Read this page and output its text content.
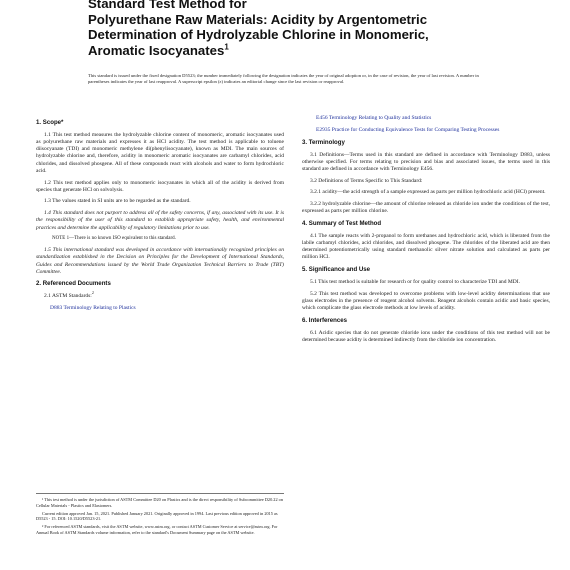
Standard Test Method for
Polyurethane Raw Materials: Acidity by Argentometric
Determination of Hydrolyzable Chlorine in Monomeric,
Aromatic Isocyanates$^1$
This standard is issued under the fixed designation D5523; the number immediately following the designation indicates the year of original adoption or, in the case of revision, the year of last revision. A number in parentheses indicates the year of last reapproval. A superscript epsilon (ε) indicates an editorial change since the last revision or reapproval.
1. Scope*

1.1 This test method measures the hydrolyzable chlorine content of monomeric, aromatic isocyanates used as polyurethane raw materials and expresses it as HCl acidity. The test method is applicable to toluene diisocyanate (TDI) and monomeric methylene di(phenylisocyanate), known as MDI. The main sources of hydrolyzable chlorine and, therefore, acidity in monomeric aromatic isocyanates are carbamyl chlorides, acid chlorides, and dissolved phosgene. All of these compounds react with alcohols and water to form hydrochloric acid.

1.2 This test method applies only to monomeric isocyanates in which all of the acidity is derived from species that generate HCl on solvolysis.

1.3 The values stated in SI units are to be regarded as the standard.

1.4 This standard does not purport to address all of the safety concerns, if any, associated with its use. It is the responsibility of the user of this standard to establish appropriate safety, health, and environmental practices and determine the applicability of regulatory limitations prior to use.

NOTE 1—There is no known ISO equivalent to this standard.

1.5 This international standard was developed in accordance with internationally recognized principles on standardization established in the Decision on Principles for the Development of International Standards, Guides and Recommendations issued by the World Trade Organization Technical Barriers to Trade (TBT) Committee.

2. Referenced Documents

2.1 ASTM Standards:$^2$

D883 Terminology Relating to Plastics

¹ This test method is under the jurisdiction of ASTM Committee D20 on Plastics and is the direct responsibility of Subcommittee D20.22 on Cellular Materials - Plastics and Elastomers.

Current edition approved Jan. 15, 2021. Published January 2021. Originally approved in 1994. Last previous edition approved in 2015 as D5523 - 15. DOI: 10.1520/D5523-21.

² For referenced ASTM standards, visit the ASTM website, www.astm.org, or contact ASTM Customer Service at service@astm.org. For Annual Book of ASTM Standards volume information, refer to the standard's Document Summary page on the ASTM website.

E456 Terminology Relating to Quality and Statistics

E2935 Practice for Conducting Equivalence Tests for Comparing Testing Processes

3. Terminology

3.1 Definitions—Terms used in this standard are defined in accordance with Terminology D883, unless otherwise specified. For terms relating to precision and bias and associated issues, the terms used in this standard are defined in accordance with Terminology E456.

3.2 Definitions of Terms Specific to This Standard:

3.2.1 acidity—the acid strength of a sample expressed as parts per million hydrochloric acid (HCl) present.

3.2.2 hydrolyzable chlorine—the amount of chlorine released as chloride ion under the conditions of the test, expressed as parts per million chlorine.

4. Summary of Test Method

4.1 The sample reacts with 2-propanol to form urethanes and hydrochloric acid, which is liberated from the labile carbamyl chlorides, acid chlorides, and dissolved phosgene. The chlorides of the liberated acid are then determined potentiometrically using standard methanolic silver nitrate solution and calculated as parts per million HCl.

5. Significance and Use

5.1 This test method is suitable for research or for quality control to characterize TDI and MDI.

5.2 This test method was developed to overcome problems with low-level acidity determinations that use glass electrodes in the presence of reagent alcohol solvents. Reagent alcohols contain acidic and basic species, which complicate the glass electrode methods at low levels of acidity.

6. Interferences

6.1 Acidic species that do not generate chloride ions under the conditions of this test method will not be determined because acidity is determined indirectly from the chloride ion concentration.
